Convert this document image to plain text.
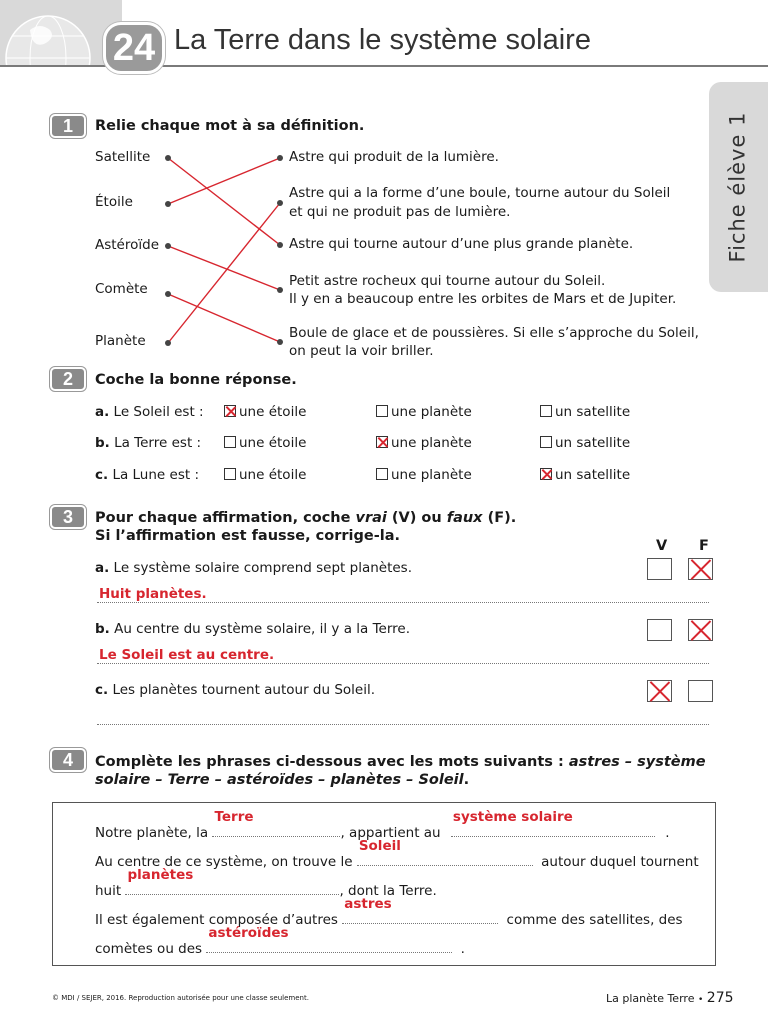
24 La Terre dans le système solaire
Fiche élève 1
1	Relie chaque mot à sa définition.
Satellite
Étoile
Astéroïde
Comète
Planète
Astre qui produit de la lumière.
Astre qui a la forme d’une boule, tourne autour du Soleil
et qui ne produit pas de lumière.
Astre qui tourne autour d’une plus grande planète.
Petit astre rocheux qui tourne autour du Soleil.
Il y en a beaucoup entre les orbites de Mars et de Jupiter.
Boule de glace et de poussières. Si elle s’approche du Soleil,
on peut la voir briller.
2	Coche la bonne réponse.
a. Le Soleil est :	une étoile	une planète	un satellite
b. La Terre est :	une étoile	une planète	un satellite
c. La Lune est :	une étoile	une planète	un satellite
3	Pour chaque affirmation, coche vrai (V) ou faux (F).
Si l’affirmation est fausse, corrige-la.
V F
a. Le système solaire comprend sept planètes.
Huit planètes.
b. Au centre du système solaire, il y a la Terre.
Le Soleil est au centre.
c. Les planètes tournent autour du Soleil.
4	Complète les phrases ci-dessous avec les mots suivants : astres – système
solaire – Terre – astéroïdes – planètes – Soleil.
Notre planète, la
Terre
, appartient au
système solaire
.
Au centre de ce système, on trouve le
Soleil
autour duquel tournent
huit
planètes
, dont la Terre.
Il est également composée d’autres
astres
comme des satellites, des
comètes ou des
astéroïdes
.
© MDI / SEJER, 2016. Reproduction autorisée pour une classe seulement.	La planète Terre • 275
